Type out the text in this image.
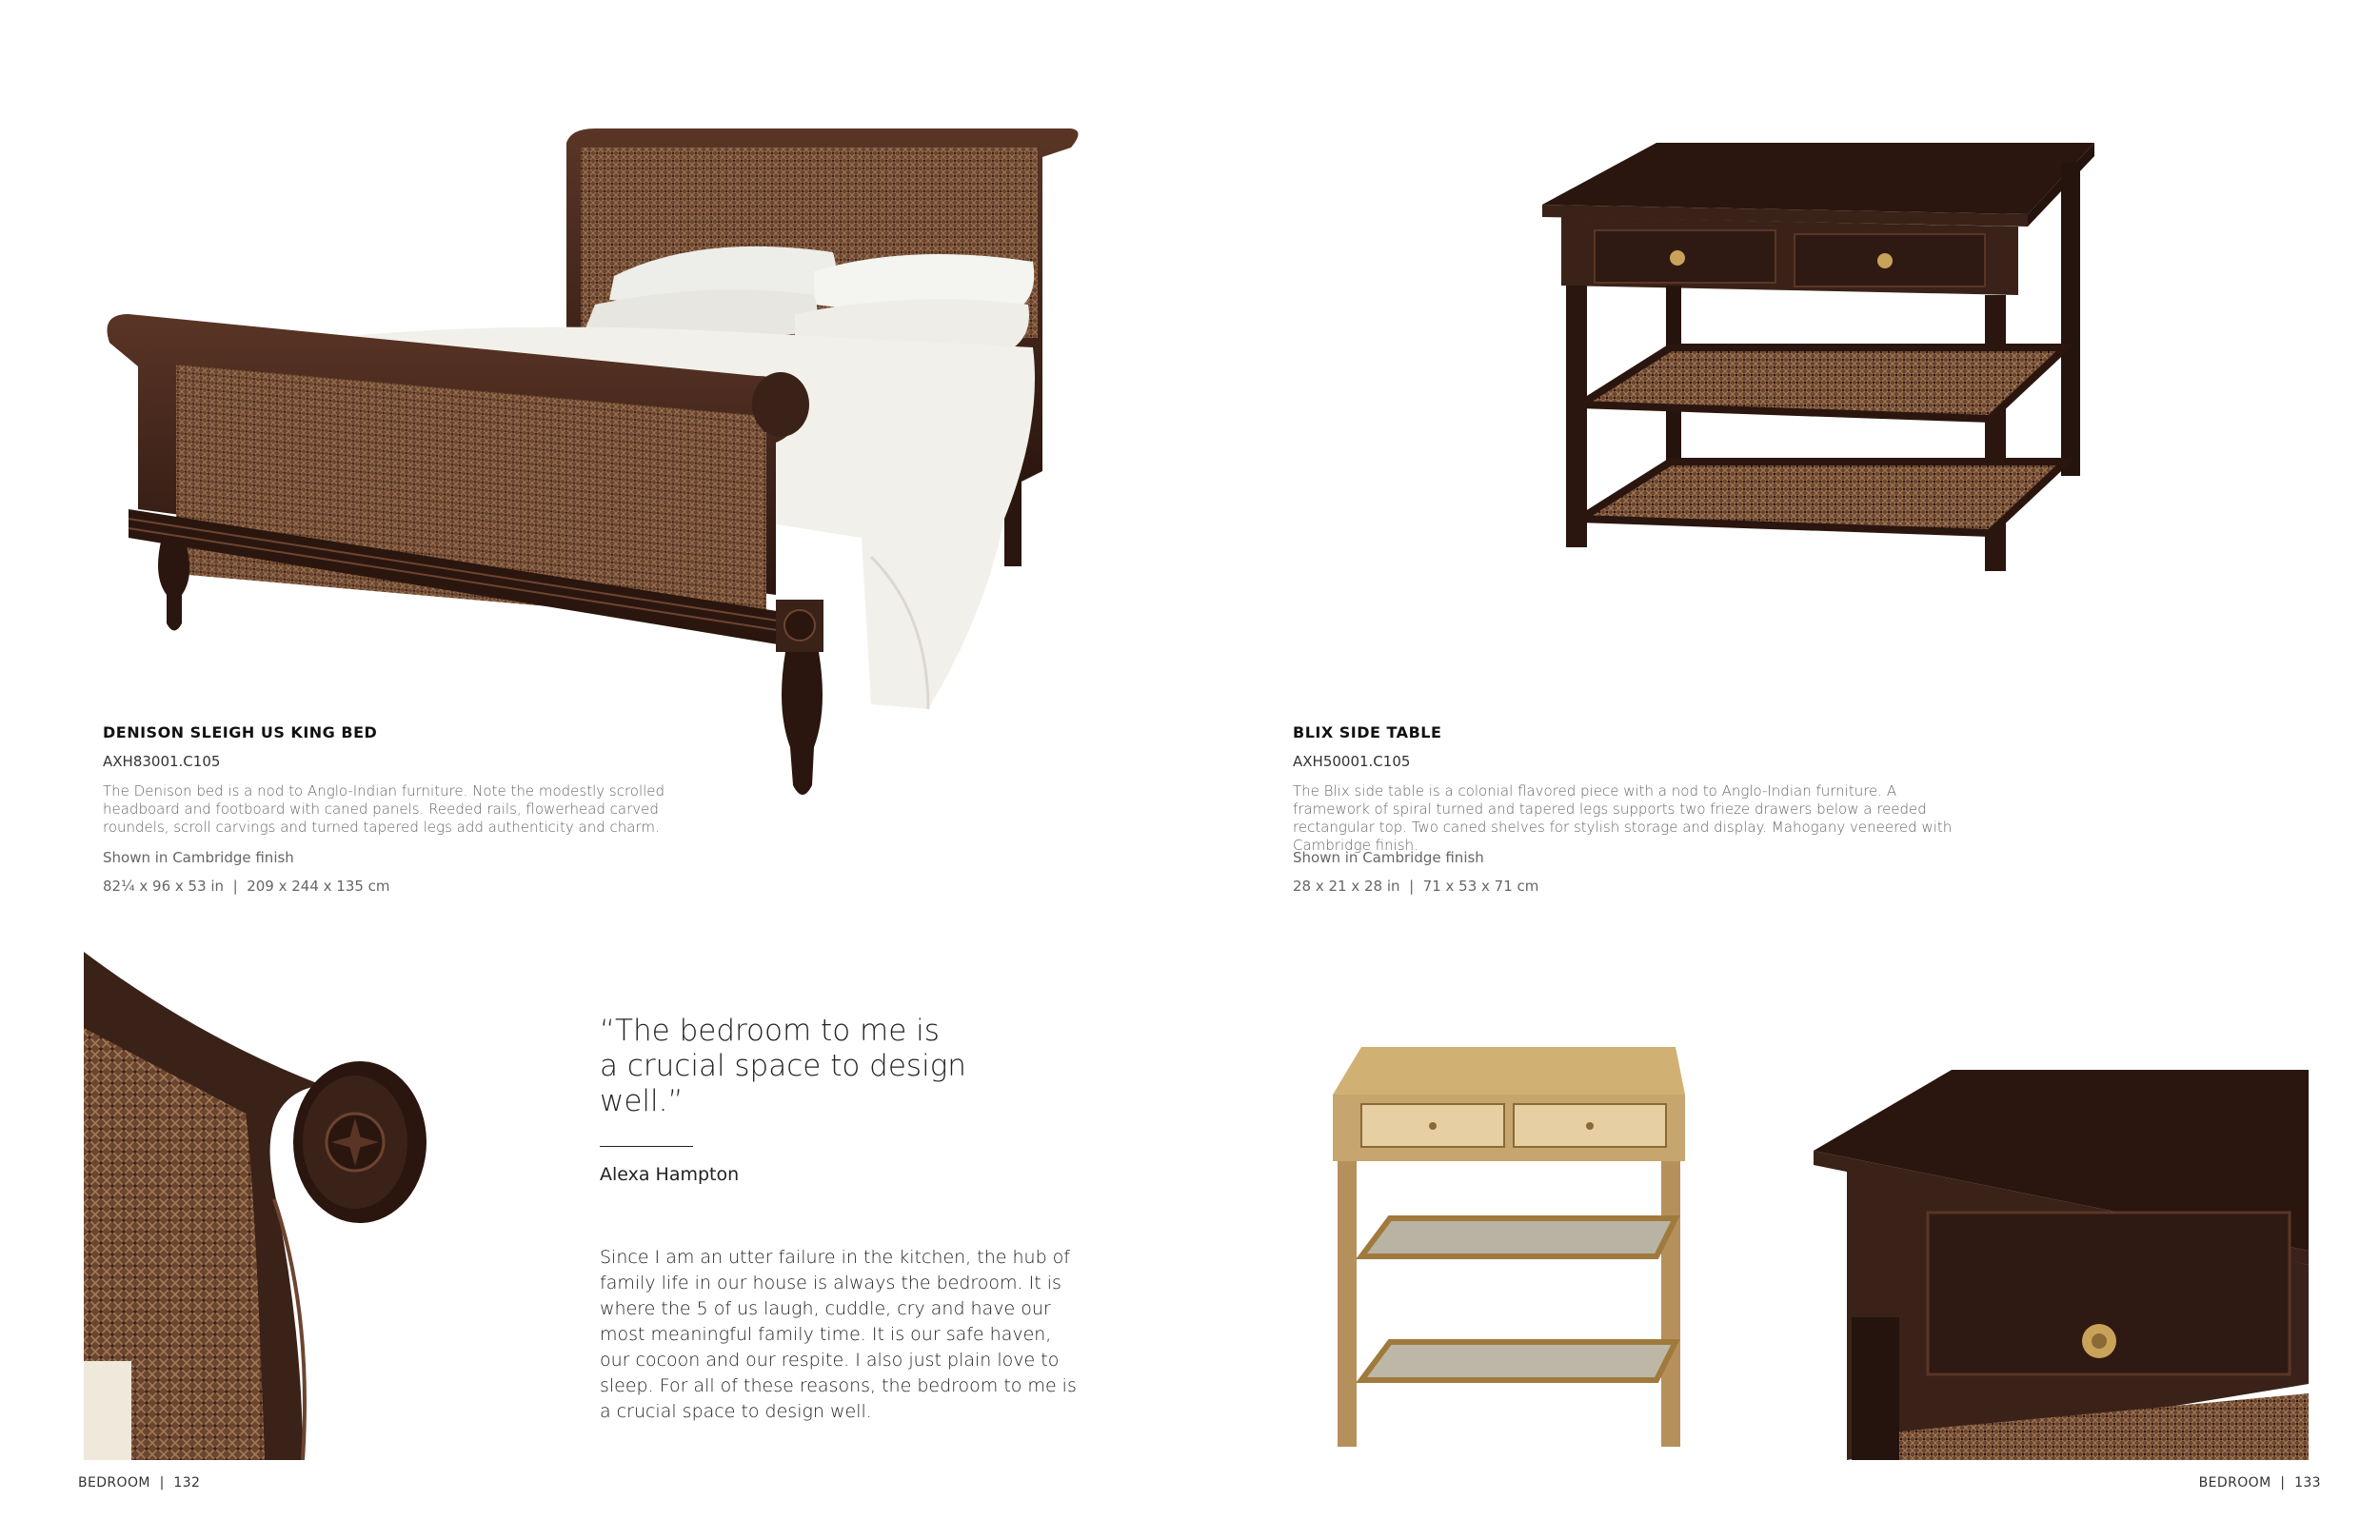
DENISON SLEIGH US KING BED
AXH83001.C105
The Denison bed is a nod to Anglo-Indian furniture. Note the modestly scrolled headboard and footboard with caned panels. Reeded rails, flowerhead carved roundels, scroll carvings and turned tapered legs add authenticity and charm.
Shown in Cambridge finish
82¼ x 96 x 53 in  |  209 x 244 x 135 cm
“The bedroom to me is
a crucial space to design
well.”
Alexa Hampton
Since I am an utter failure in the kitchen, the hub of
family life in our house is always the bedroom. It is
where the 5 of us laugh, cuddle, cry and have our
most meaningful family time. It is our safe haven,
our cocoon and our respite. I also just plain love to
sleep. For all of these reasons, the bedroom to me is
a crucial space to design well.
BEDROOM  |  132
BLIX SIDE TABLE
AXH50001.C105
The Blix side table is a colonial flavored piece with a nod to Anglo-Indian furniture. A framework of spiral turned and tapered legs supports two frieze drawers below a reeded rectangular top. Two caned shelves for stylish storage and display. Mahogany veneered with Cambridge finish.
Shown in Cambridge finish
28 x 21 x 28 in  |  71 x 53 x 71 cm
BEDROOM  |  133
